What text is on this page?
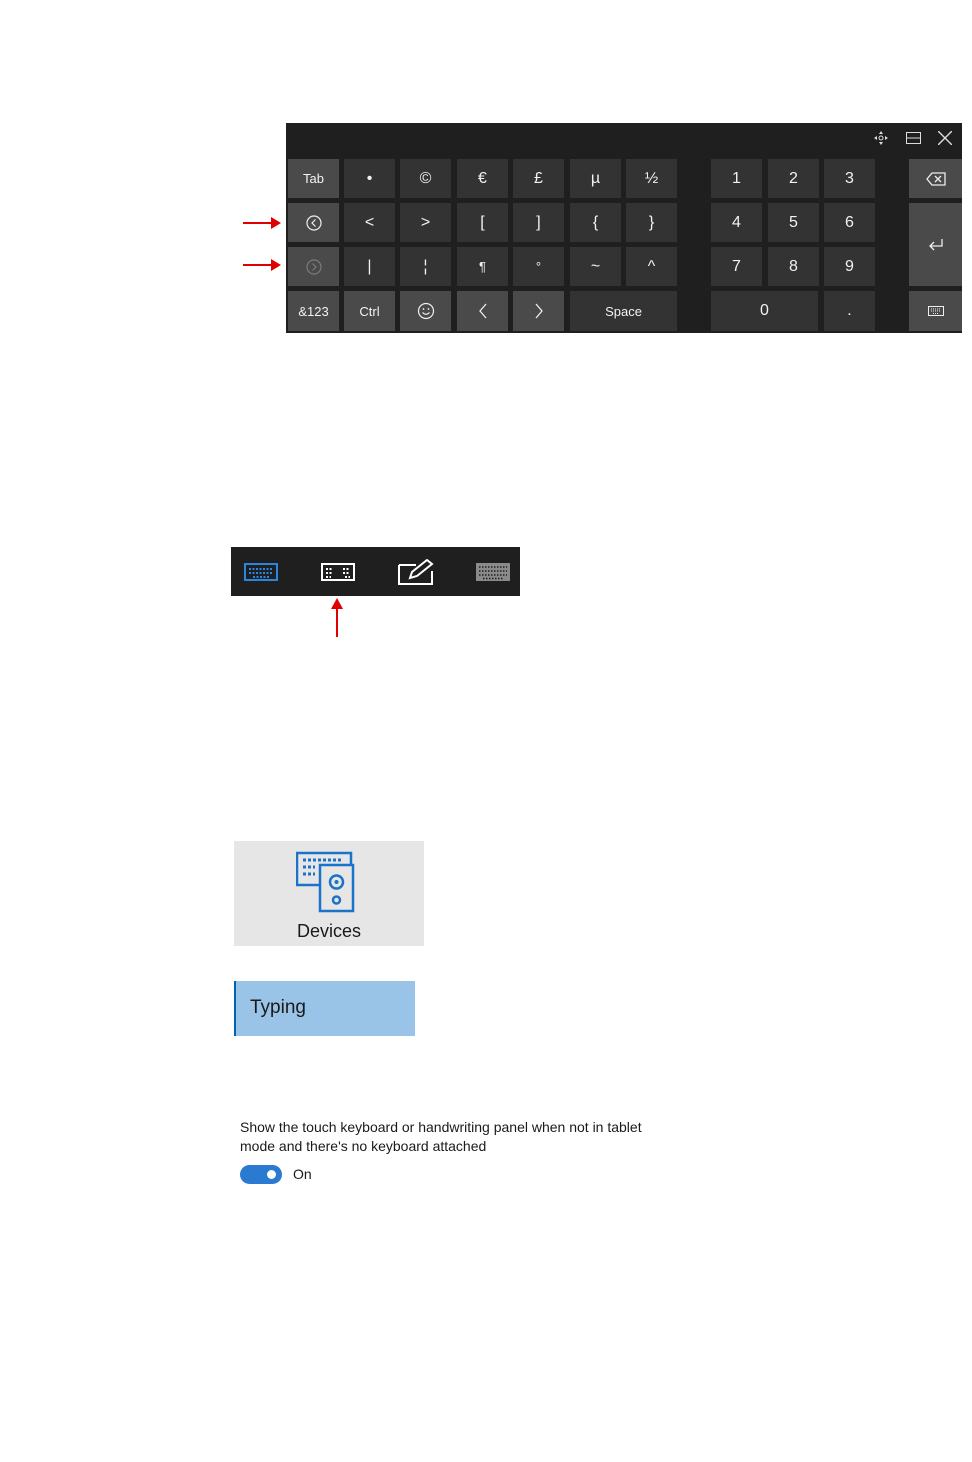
Tab	•	©	€	£	µ	½	1	2	3
<	>	[	]	{	}	4	5	6
|	¦	¶	°	~	^	7	8	9
&123	Ctrl	Space	0	.
Devices
Typing
Show the touch keyboard or handwriting panel when not in tablet mode and there's no keyboard attached
On
